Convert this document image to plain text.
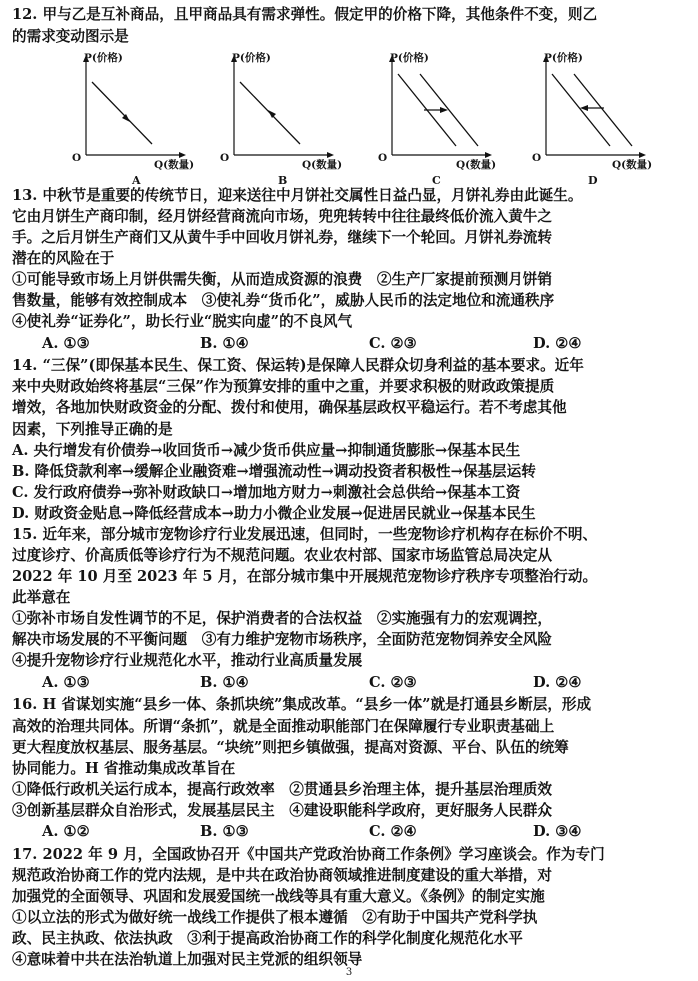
12. 甲与乙是互补商品，且甲商品具有需求弹性。假定甲的价格下降，其他条件不变，则乙
的需求变动图示是
P(价格)
O
Q(数量)
A
P(价格)
O
Q(数量)
B
P(价格)
O
Q(数量)
C
P(价格)
O
Q(数量)
D
13. 中秋节是重要的传统节日，迎来送往中月饼社交属性日益凸显，月饼礼券由此诞生。
它由月饼生产商印制，经月饼经营商流向市场，兜兜转转中往往最终低价流入黄牛之
手。之后月饼生产商们又从黄牛手中回收月饼礼券，继续下一个轮回。月饼礼券流转
潜在的风险在于
①可能导致市场上月饼供需失衡，从而造成资源的浪费　②生产厂家提前预测月饼销
售数量，能够有效控制成本　③使礼券“货币化”，威胁人民币的法定地位和流通秩序
④使礼券“证券化”，助长行业“脱实向虚”的不良风气
A. ①③	B. ①④	C. ②③	D. ②④
14. “三保”(即保基本民生、保工资、保运转)是保障人民群众切身利益的基本要求。近年
来中央财政始终将基层“三保”作为预算安排的重中之重，并要求积极的财政政策提质
增效，各地加快财政资金的分配、拨付和使用，确保基层政权平稳运行。若不考虑其他
因素，下列推导正确的是
A. 央行增发有价债券→收回货币→减少货币供应量→抑制通货膨胀→保基本民生
B. 降低贷款利率→缓解企业融资难→增强流动性→调动投资者积极性→保基层运转
C. 发行政府债券→弥补财政缺口→增加地方财力→刺激社会总供给→保基本工资
D. 财政资金贴息→降低经营成本→助力小微企业发展→促进居民就业→保基本民生
15. 近年来，部分城市宠物诊疗行业发展迅速，但同时，一些宠物诊疗机构存在标价不明、
过度诊疗、价高质低等诊疗行为不规范问题。农业农村部、国家市场监管总局决定从
2022 年 10 月至 2023 年 5 月，在部分城市集中开展规范宠物诊疗秩序专项整治行动。
此举意在
①弥补市场自发性调节的不足，保护消费者的合法权益　②实施强有力的宏观调控，
解决市场发展的不平衡问题　③有力维护宠物市场秩序，全面防范宠物饲养安全风险
④提升宠物诊疗行业规范化水平，推动行业高质量发展
A. ①③	B. ①④	C. ②③	D. ②④
16. H 省谋划实施“县乡一体、条抓块统”集成改革。“县乡一体”就是打通县乡断层，形成
高效的治理共同体。所谓“条抓”，就是全面推动职能部门在保障履行专业职责基础上
更大程度放权基层、服务基层。“块统”则把乡镇做强，提高对资源、平台、队伍的统筹
协同能力。H 省推动集成改革旨在
①降低行政机关运行成本，提高行政效率　②贯通县乡治理主体，提升基层治理质效
③创新基层群众自治形式，发展基层民主　④建设职能科学政府，更好服务人民群众
A. ①②	B. ①③	C. ②④	D. ③④
17. 2022 年 9 月，全国政协召开《中国共产党政治协商工作条例》学习座谈会。作为专门
规范政治协商工作的党内法规，是中共在政治协商领域推进制度建设的重大举措，对
加强党的全面领导、巩固和发展爱国统一战线等具有重大意义。《条例》的制定实施
①以立法的形式为做好统一战线工作提供了根本遵循　②有助于中国共产党科学执
政、民主执政、依法执政　③利于提高政治协商工作的科学化制度化规范化水平
④意味着中共在法治轨道上加强对民主党派的组织领导
3
